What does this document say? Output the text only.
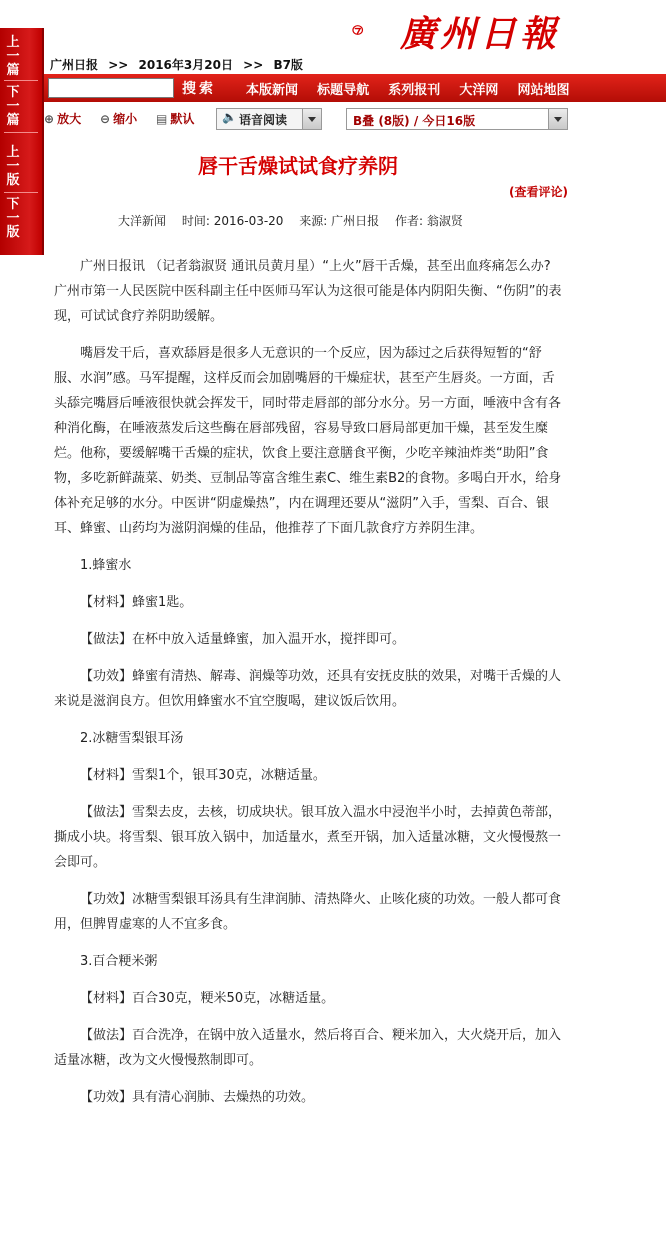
上
一
篇
下
一
篇
上
一
版
下
一
版
廣州日報
广州日报 >> 2016年3月20日 >> B7版
搜索 本版新闻 标题导航 系列报刊 大洋网 网站地图
⊕ 放大 ⊖ 缩小 ▤ 默认 🔈 语音阅读	B叠 (8版) / 今日16版
唇干舌燥试试食疗养阴
(查看评论)
大洋新闻 时间: 2016-03-20 来源: 广州日报 作者: 翁淑贤

广州日报讯 （记者翁淑贤 通讯员黄月星）“上火”唇干舌燥，甚至出血疼痛怎么办?广州市第一人民医院中医科副主任中医师马军认为这很可能是体内阴阳失衡、“伤阴”的表现，可试试食疗养阴助缓解。

嘴唇发干后，喜欢舔唇是很多人无意识的一个反应，因为舔过之后获得短暂的“舒服、水润”感。马军提醒，这样反而会加剧嘴唇的干燥症状，甚至产生唇炎。一方面，舌头舔完嘴唇后唾液很快就会挥发干，同时带走唇部的部分水分。另一方面，唾液中含有各种消化酶，在唾液蒸发后这些酶在唇部残留，容易导致口唇局部更加干燥，甚至发生糜烂。他称，要缓解嘴干舌燥的症状，饮食上要注意膳食平衡，少吃辛辣油炸类“助阳”食物，多吃新鲜蔬菜、奶类、豆制品等富含维生素C、维生素B2的食物。多喝白开水，给身体补充足够的水分。中医讲“阴虚燥热”，内在调理还要从“滋阴”入手，雪梨、百合、银耳、蜂蜜、山药均为滋阴润燥的佳品，他推荐了下面几款食疗方养阴生津。

1.蜂蜜水

【材料】蜂蜜1匙。

【做法】在杯中放入适量蜂蜜，加入温开水，搅拌即可。

【功效】蜂蜜有清热、解毒、润燥等功效，还具有安抚皮肤的效果，对嘴干舌燥的人来说是滋润良方。但饮用蜂蜜水不宜空腹喝，建议饭后饮用。

2.冰糖雪梨银耳汤

【材料】雪梨1个，银耳30克，冰糖适量。

【做法】雪梨去皮，去核，切成块状。银耳放入温水中浸泡半小时，去掉黄色蒂部，撕成小块。将雪梨、银耳放入锅中，加适量水，煮至开锅，加入适量冰糖，文火慢慢熬一会即可。

【功效】冰糖雪梨银耳汤具有生津润肺、清热降火、止咳化痰的功效。一般人都可食用，但脾胃虚寒的人不宜多食。

3.百合粳米粥

【材料】百合30克，粳米50克，冰糖适量。

【做法】百合洗净，在锅中放入适量水，然后将百合、粳米加入，大火烧开后，加入适量冰糖，改为文火慢慢熬制即可。

【功效】具有清心润肺、去燥热的功效。
